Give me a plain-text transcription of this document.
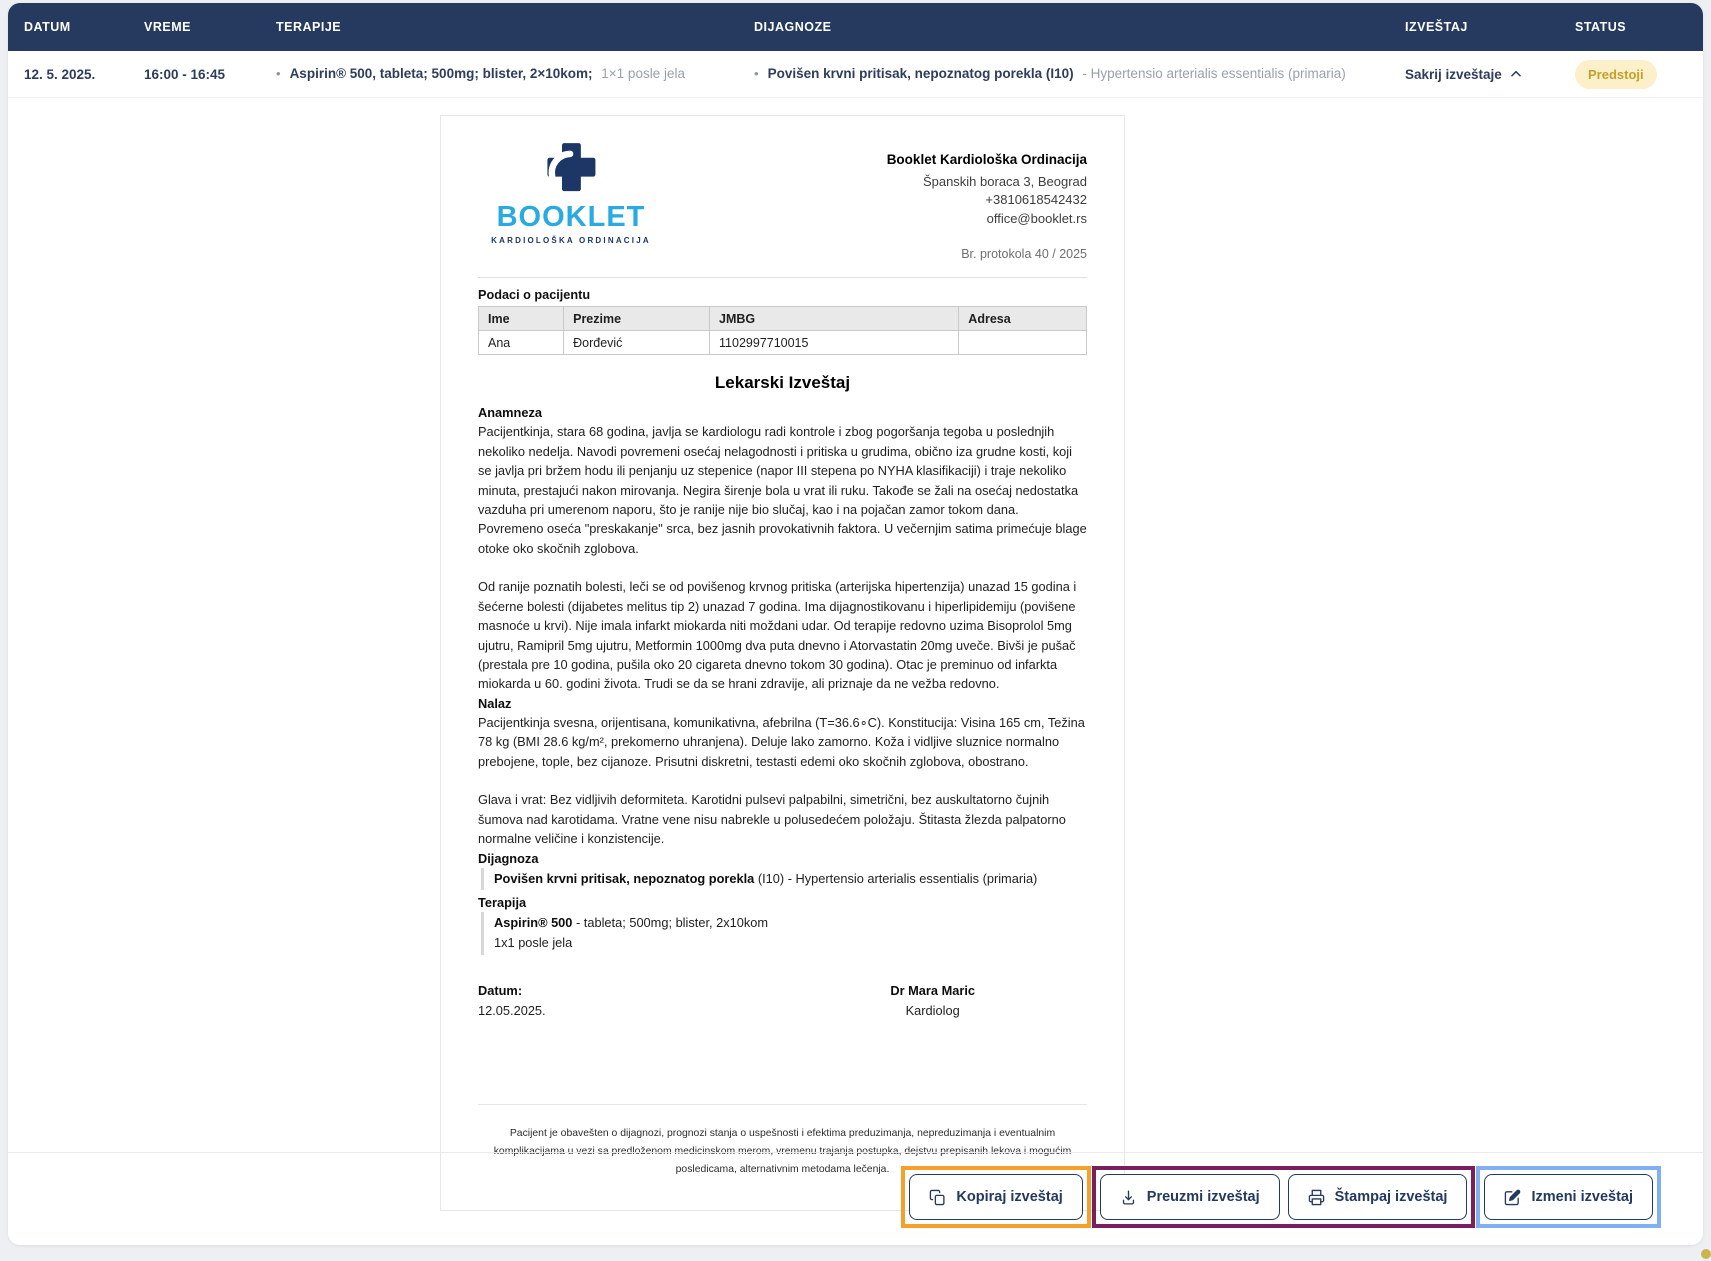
DATUM	VREME	TERAPIJE	DIJAGNOZE	IZVEŠTAJ	STATUS
12. 5. 2025.	16:00 - 16:45	• Aspirin® 500, tableta; 500mg; blister, 2×10kom; 1×1 posle jela	• Povišen krvni pritisak, nepoznatog porekla (I10) - Hypertensio arterialis essentialis (primaria)	Sakrij izveštaje	Predstoji
BOOKLET
KARDIOLOŠKA ORDINACIJA
Booklet Kardiološka Ordinacija
Španskih boraca 3, Beograd
+3810618542432
office@booklet.rs
Br. protokola 40 / 2025
Podaci o pacijentu
Ime	Prezime	JMBG	Adresa
Ana	Đorđević	1102997710015	
Lekarski Izveštaj
Anamneza

Pacijentkinja, stara 68 godina, javlja se kardiologu radi kontrole i zbog pogoršanja tegoba u poslednjih nekoliko nedelja. Navodi povremeni osećaj nelagodnosti i pritiska u grudima, obično iza grudne kosti, koji se javlja pri bržem hodu ili penjanju uz stepenice (napor III stepena po NYHA klasifikaciji) i traje nekoliko minuta, prestajući nakon mirovanja. Negira širenje bola u vrat ili ruku. Takođe se žali na osećaj nedostatka vazduha pri umerenom naporu, što je ranije nije bio slučaj, kao i na pojačan zamor tokom dana. Povremeno oseća "preskakanje" srca, bez jasnih provokativnih faktora. U večernjim satima primećuje blage otoke oko skočnih zglobova.

Od ranije poznatih bolesti, leči se od povišenog krvnog pritiska (arterijska hipertenzija) unazad 15 godina i šećerne bolesti (dijabetes melitus tip 2) unazad 7 godina. Ima dijagnostikovanu i hiperlipidemiju (povišene masnoće u krvi). Nije imala infarkt miokarda niti moždani udar. Od terapije redovno uzima Bisoprolol 5mg ujutru, Ramipril 5mg ujutru, Metformin 1000mg dva puta dnevno i Atorvastatin 20mg uveče. Bivši je pušač (prestala pre 10 godina, pušila oko 20 cigareta dnevno tokom 30 godina). Otac je preminuo od infarkta miokarda u 60. godini života. Trudi se da se hrani zdravije, ali priznaje da ne vežba redovno.

Nalaz

Pacijentkinja svesna, orijentisana, komunikativna, afebrilna (T=36.6∘C). Konstitucija: Visina 165 cm, Težina 78 kg (BMI 28.6 kg/m², prekomerno uhranjena). Deluje lako zamorno. Koža i vidljive sluznice normalno prebojene, tople, bez cijanoze. Prisutni diskretni, testasti edemi oko skočnih zglobova, obostrano.

Glava i vrat: Bez vidljivih deformiteta. Karotidni pulsevi palpabilni, simetrični, bez auskultatorno čujnih šumova nad karotidama. Vratne vene nisu nabrekle u polusedećem položaju. Štitasta žlezda palpatorno normalne veličine i konzistencije.

Dijagnoza
Povišen krvni pritisak, nepoznatog porekla (I10) - Hypertensio arterialis essentialis (primaria)
Terapija
Aspirin® 500 - tableta; 500mg; blister, 2x10kom
1x1 posle jela
Datum:
12.05.2025.
Dr Mara Maric
Kardiolog

Pacijent je obavešten o dijagnozi, prognozi stanja o uspešnosti i efektima preduzimanja, nepreduzimanja i eventualnim komplikacijama u vezi sa predloženom medicinskom merom, vremenu trajanja postupka, dejstvu prepisanih lekova i mogućim posledicama, alternativnim metodama lečenja.

Kopiraj izveštaj	Preuzmi izveštaj	Štampaj izveštaj	Izmeni izveštaj
